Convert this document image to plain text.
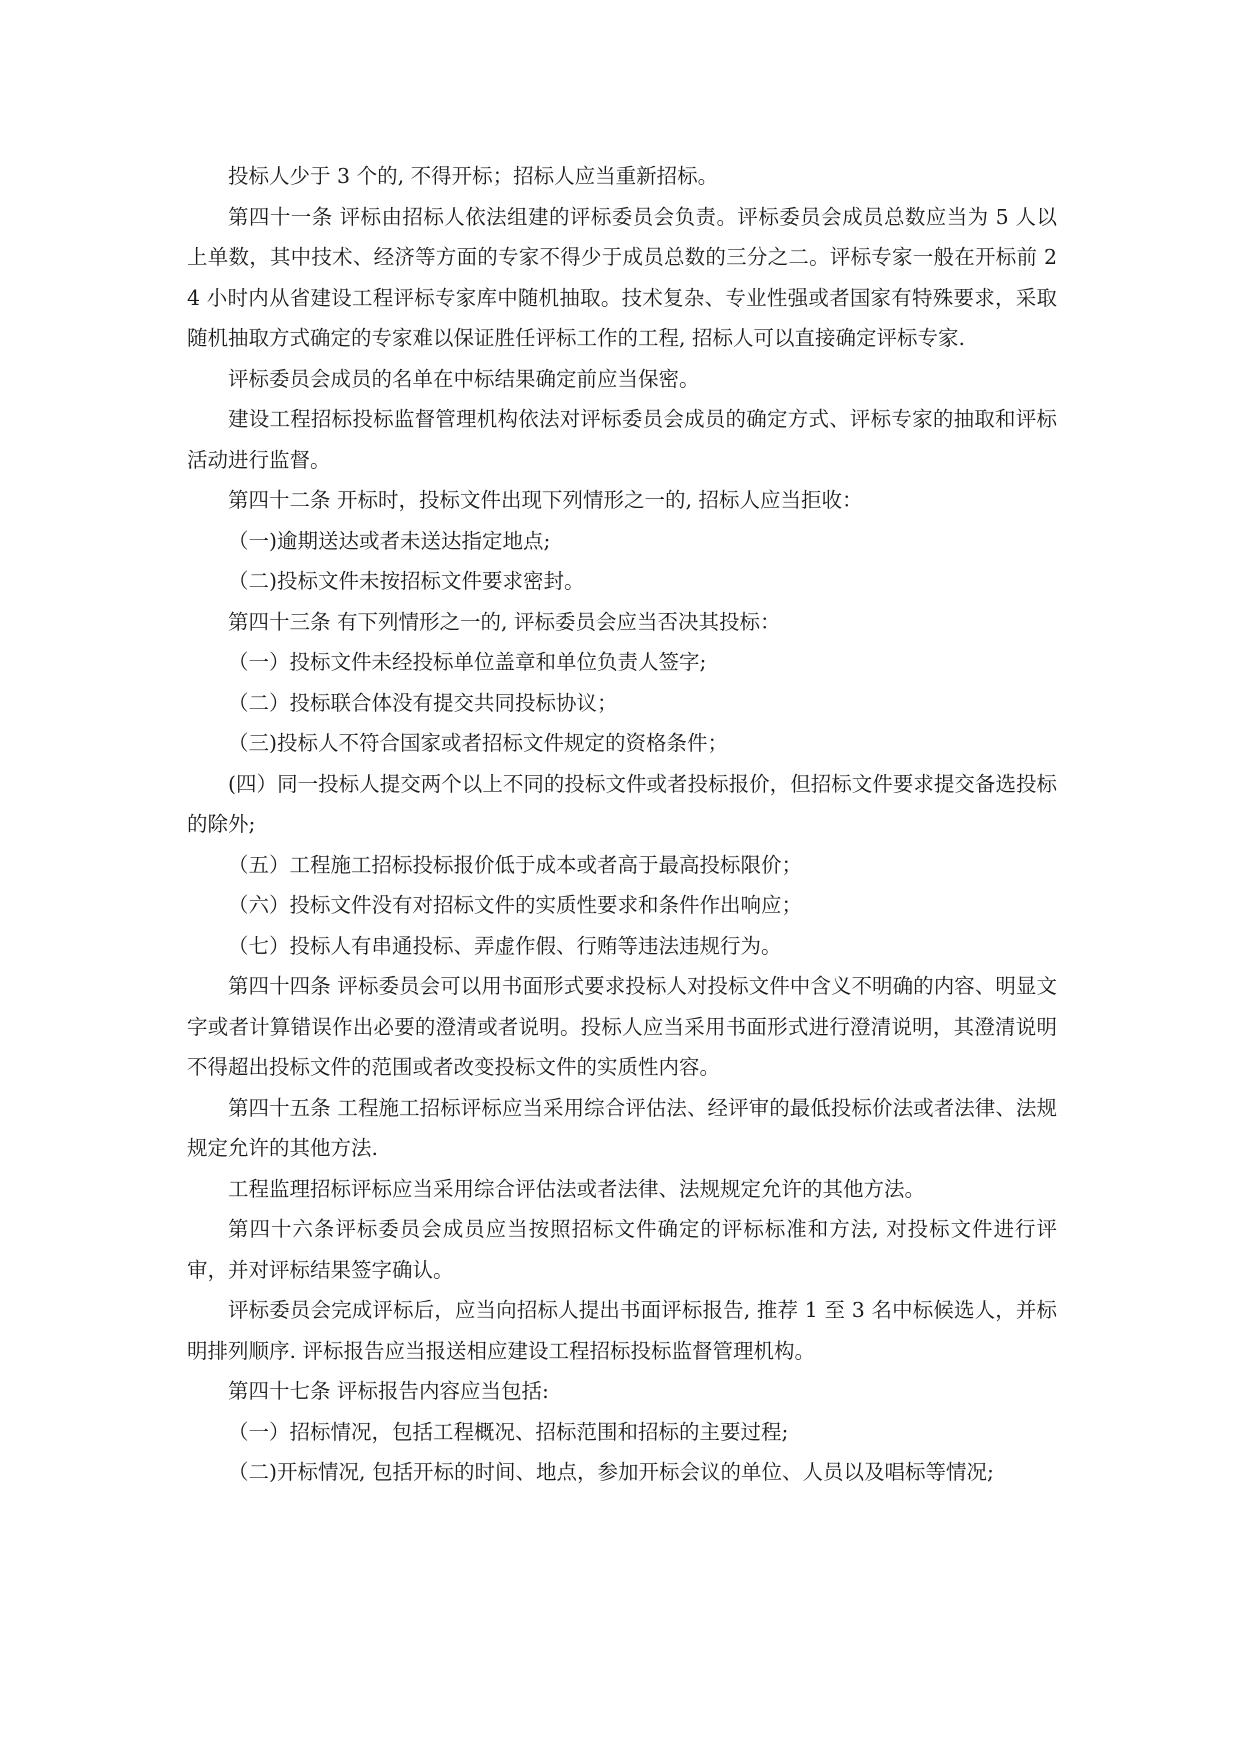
投标人少于 3 个的, 不得开标；招标人应当重新招标。

第四十一条 评标由招标人依法组建的评标委员会负责。评标委员会成员总数应当为 5 人以上单数，其中技术、经济等方面的专家不得少于成员总数的三分之二。评标专家一般在开标前 24 小时内从省建设工程评标专家库中随机抽取。技术复杂、专业性强或者国家有特殊要求，采取随机抽取方式确定的专家难以保证胜任评标工作的工程, 招标人可以直接确定评标专家.

评标委员会成员的名单在中标结果确定前应当保密。

建设工程招标投标监督管理机构依法对评标委员会成员的确定方式、评标专家的抽取和评标活动进行监督。

第四十二条 开标时，投标文件出现下列情形之一的, 招标人应当拒收：

（一)逾期送达或者未送达指定地点;

（二)投标文件未按招标文件要求密封。

第四十三条 有下列情形之一的, 评标委员会应当否决其投标：

（一）投标文件未经投标单位盖章和单位负责人签字;

（二）投标联合体没有提交共同投标协议；

（三)投标人不符合国家或者招标文件规定的资格条件；

(四）同一投标人提交两个以上不同的投标文件或者投标报价，但招标文件要求提交备选投标的除外;

（五）工程施工招标投标报价低于成本或者高于最高投标限价；

（六）投标文件没有对招标文件的实质性要求和条件作出响应；

（七）投标人有串通投标、弄虚作假、行贿等违法违规行为。

第四十四条 评标委员会可以用书面形式要求投标人对投标文件中含义不明确的内容、明显文字或者计算错误作出必要的澄清或者说明。投标人应当采用书面形式进行澄清说明，其澄清说明不得超出投标文件的范围或者改变投标文件的实质性内容。

第四十五条 工程施工招标评标应当采用综合评估法、经评审的最低投标价法或者法律、法规规定允许的其他方法.

工程监理招标评标应当采用综合评估法或者法律、法规规定允许的其他方法。

第四十六条评标委员会成员应当按照招标文件确定的评标标准和方法, 对投标文件进行评审，并对评标结果签字确认。

评标委员会完成评标后，应当向招标人提出书面评标报告, 推荐 1 至 3 名中标候选人，并标明排列顺序. 评标报告应当报送相应建设工程招标投标监督管理机构。

第四十七条 评标报告内容应当包括:

（一）招标情况，包括工程概况、招标范围和招标的主要过程;

（二)开标情况, 包括开标的时间、地点，参加开标会议的单位、人员以及唱标等情况;
